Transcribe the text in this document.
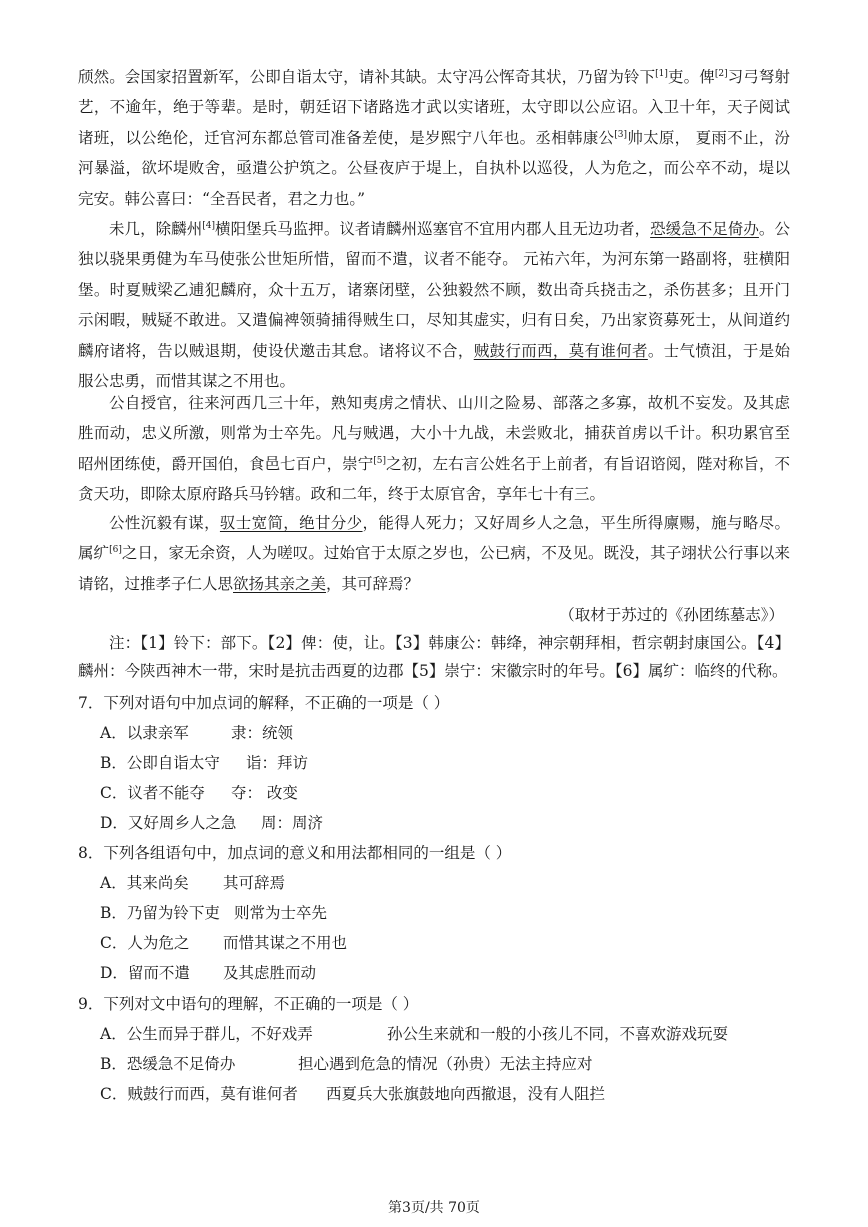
颀然。会国家招置新军，公即自诣太守，请补其缺。太守冯公恽奇其状，乃留为铃下[1]吏。俾[2]习弓弩射艺，不逾年，绝于等辈。是时，朝廷诏下诸路选才武以实诸班，太守即以公应诏。入卫十年，天子阅试诸班，以公绝伦，迁官河东都总管司准备差使，是岁熙宁八年也。丞相韩康公[3]帅太原， 夏雨不止，汾河暴溢，欲坏堤败舍，亟遣公护筑之。公昼夜庐于堤上，自执朴以巡役，人为危之，而公卒不动，堤以完安。韩公喜曰：“全吾民者，君之力也。”

未几，除麟州[4]横阳堡兵马监押。议者请麟州巡塞官不宜用内郡人且无边功者，恐缓急不足倚办。公独以骁果勇健为车马使张公世矩所惜，留而不遣，议者不能夺。 元祐六年，为河东第一路副将，驻横阳堡。时夏贼梁乙逋犯麟府，众十五万，诸寨闭壁，公独毅然不顾，数出奇兵挠击之，杀伤甚多；且开门示闲暇，贼疑不敢进。又遣偏裨领骑捕得贼生口，尽知其虚实，归有日矣，乃出家资募死士，从间道约麟府诸将，告以贼退期，使设伏邀击其怠。诸将议不合，贼鼓行而西，莫有谁何者。士气愤沮，于是始服公忠勇，而惜其谋之不用也。

公自授官，往来河西几三十年，熟知夷虏之情状、山川之险易、部落之多寡，故机不妄发。及其虑胜而动，忠义所激，则常为士卒先。凡与贼遇，大小十九战，未尝败北，捕获首虏以千计。积功累官至昭州团练使，爵开国伯，食邑七百户，崇宁[5]之初，左右言公姓名于上前者，有旨诏谘阅，陛对称旨，不贪天功，即除太原府路兵马钤辖。政和二年，终于太原官舍，享年七十有三。

公性沉毅有谋，驭士宽简，绝甘分少，能得人死力；又好周乡人之急，平生所得廪赐，施与略尽。属纩[6]之日，家无余资，人为嗟叹。过始官于太原之岁也，公已病，不及见。既没，其子翊状公行事以来请铭，过推孝子仁人思欲扬其亲之美，其可辞焉？

（取材于苏过的《孙团练墓志》）

注：【1】铃下：部下。【2】俾：使，让。【3】韩康公：韩绛，神宗朝拜相，哲宗朝封康国公。【4】麟州：今陕西神木一带，宋时是抗击西夏的边郡【5】崇宁：宋徽宗时的年号。【6】属纩：临终的代称。

7．下列对语句中加点词的解释，不正确的一项是（ ）
A．以隶亲军	隶：统领
B．公即自诣太守 诣：拜访
C．议者不能夺 夺： 改变
D．又好周乡人之急 周：周济
8．下列各组语句中，加点词的意义和用法都相同的一组是（ ）
A．其来尚矣 其可辞焉
B．乃留为铃下吏 则常为士卒先
C．人为危之 而惜其谋之不用也
D．留而不遣 及其虑胜而动
9．下列对文中语句的理解，不正确的一项是（ ）
A．公生而异于群儿，不好戏弄	孙公生来就和一般的小孩儿不同，不喜欢游戏玩耍
B．恐缓急不足倚办	担心遇到危急的情况（孙贵）无法主持应对
C．贼鼓行而西，莫有谁何者 西夏兵大张旗鼓地向西撤退，没有人阻拦
第3页/共 70页
